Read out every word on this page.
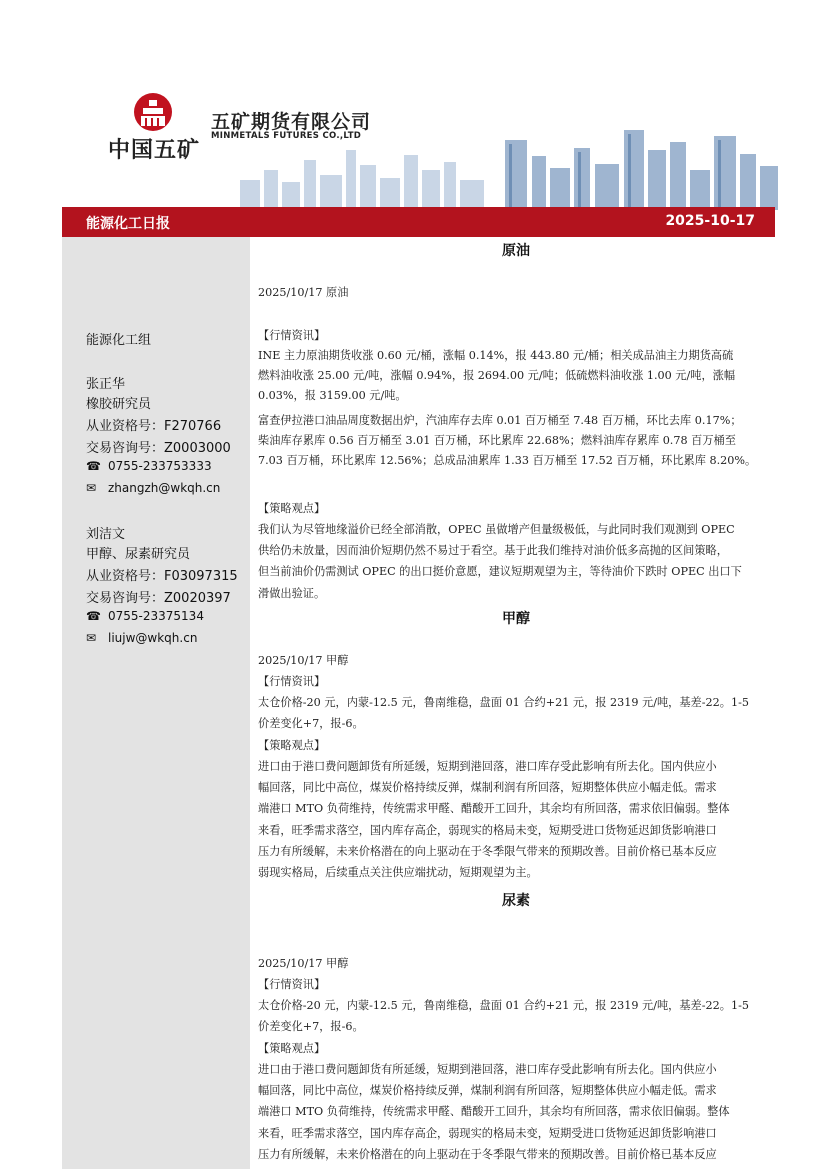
中国五矿
五矿期货有限公司
MINMETALS FUTURES CO.,LTD
能源化工日报	2025-10-17
能源化工组
张正华
橡胶研究员
从业资格号：F270766
交易咨询号：Z0003000
☎ 0755-233753333
✉ zhangzh@wkqh.cn
刘洁文
甲醇、尿素研究员
从业资格号：F03097315
交易咨询号：Z0020397
☎ 0755-23375134
✉ liujw@wkqh.cn
原油
2025/10/17 原油
【行情资讯】
INE 主力原油期货收涨 0.60 元/桶，涨幅 0.14%，报 443.80 元/桶；相关成品油主力期货高硫
燃料油收涨 25.00 元/吨，涨幅 0.94%，报 2694.00 元/吨；低硫燃料油收涨 1.00 元/吨，涨幅
0.03%，报 3159.00 元/吨。
富查伊拉港口油品周度数据出炉，汽油库存去库 0.01 百万桶至 7.48 百万桶，环比去库 0.17%；
柴油库存累库 0.56 百万桶至 3.01 百万桶，环比累库 22.68%；燃料油库存累库 0.78 百万桶至
7.03 百万桶，环比累库 12.56%；总成品油累库 1.33 百万桶至 17.52 百万桶，环比累库 8.20%。
【策略观点】
我们认为尽管地缘溢价已经全部消散，OPEC 虽做增产但量级极低，与此同时我们观测到 OPEC
供给仍未放量，因而油价短期仍然不易过于看空。基于此我们维持对油价低多高抛的区间策略，
但当前油价仍需测试 OPEC 的出口挺价意愿，建议短期观望为主，等待油价下跌时 OPEC 出口下
滑做出验证。
甲醇
2025/10/17 甲醇
【行情资讯】
太仓价格-20 元，内蒙-12.5 元，鲁南维稳，盘面 01 合约+21 元，报 2319 元/吨，基差-22。1-5
价差变化+7，报-6。
【策略观点】
进口由于港口费问题卸货有所延缓，短期到港回落，港口库存受此影响有所去化。国内供应小
幅回落，同比中高位，煤炭价格持续反弹，煤制利润有所回落，短期整体供应小幅走低。需求
端港口 MTO 负荷维持，传统需求甲醛、醋酸开工回升，其余均有所回落，需求依旧偏弱。整体
来看，旺季需求落空，国内库存高企，弱现实的格局未变，短期受进口货物延迟卸货影响港口
压力有所缓解，未来价格潜在的向上驱动在于冬季限气带来的预期改善。目前价格已基本反应
弱现实格局，后续重点关注供应端扰动，短期观望为主。
尿素
2025/10/17 甲醇
【行情资讯】
太仓价格-20 元，内蒙-12.5 元，鲁南维稳，盘面 01 合约+21 元，报 2319 元/吨，基差-22。1-5
价差变化+7，报-6。
【策略观点】
进口由于港口费问题卸货有所延缓，短期到港回落，港口库存受此影响有所去化。国内供应小
幅回落，同比中高位，煤炭价格持续反弹，煤制利润有所回落，短期整体供应小幅走低。需求
端港口 MTO 负荷维持，传统需求甲醛、醋酸开工回升，其余均有所回落，需求依旧偏弱。整体
来看，旺季需求落空，国内库存高企，弱现实的格局未变，短期受进口货物延迟卸货影响港口
压力有所缓解，未来价格潜在的向上驱动在于冬季限气带来的预期改善。目前价格已基本反应
